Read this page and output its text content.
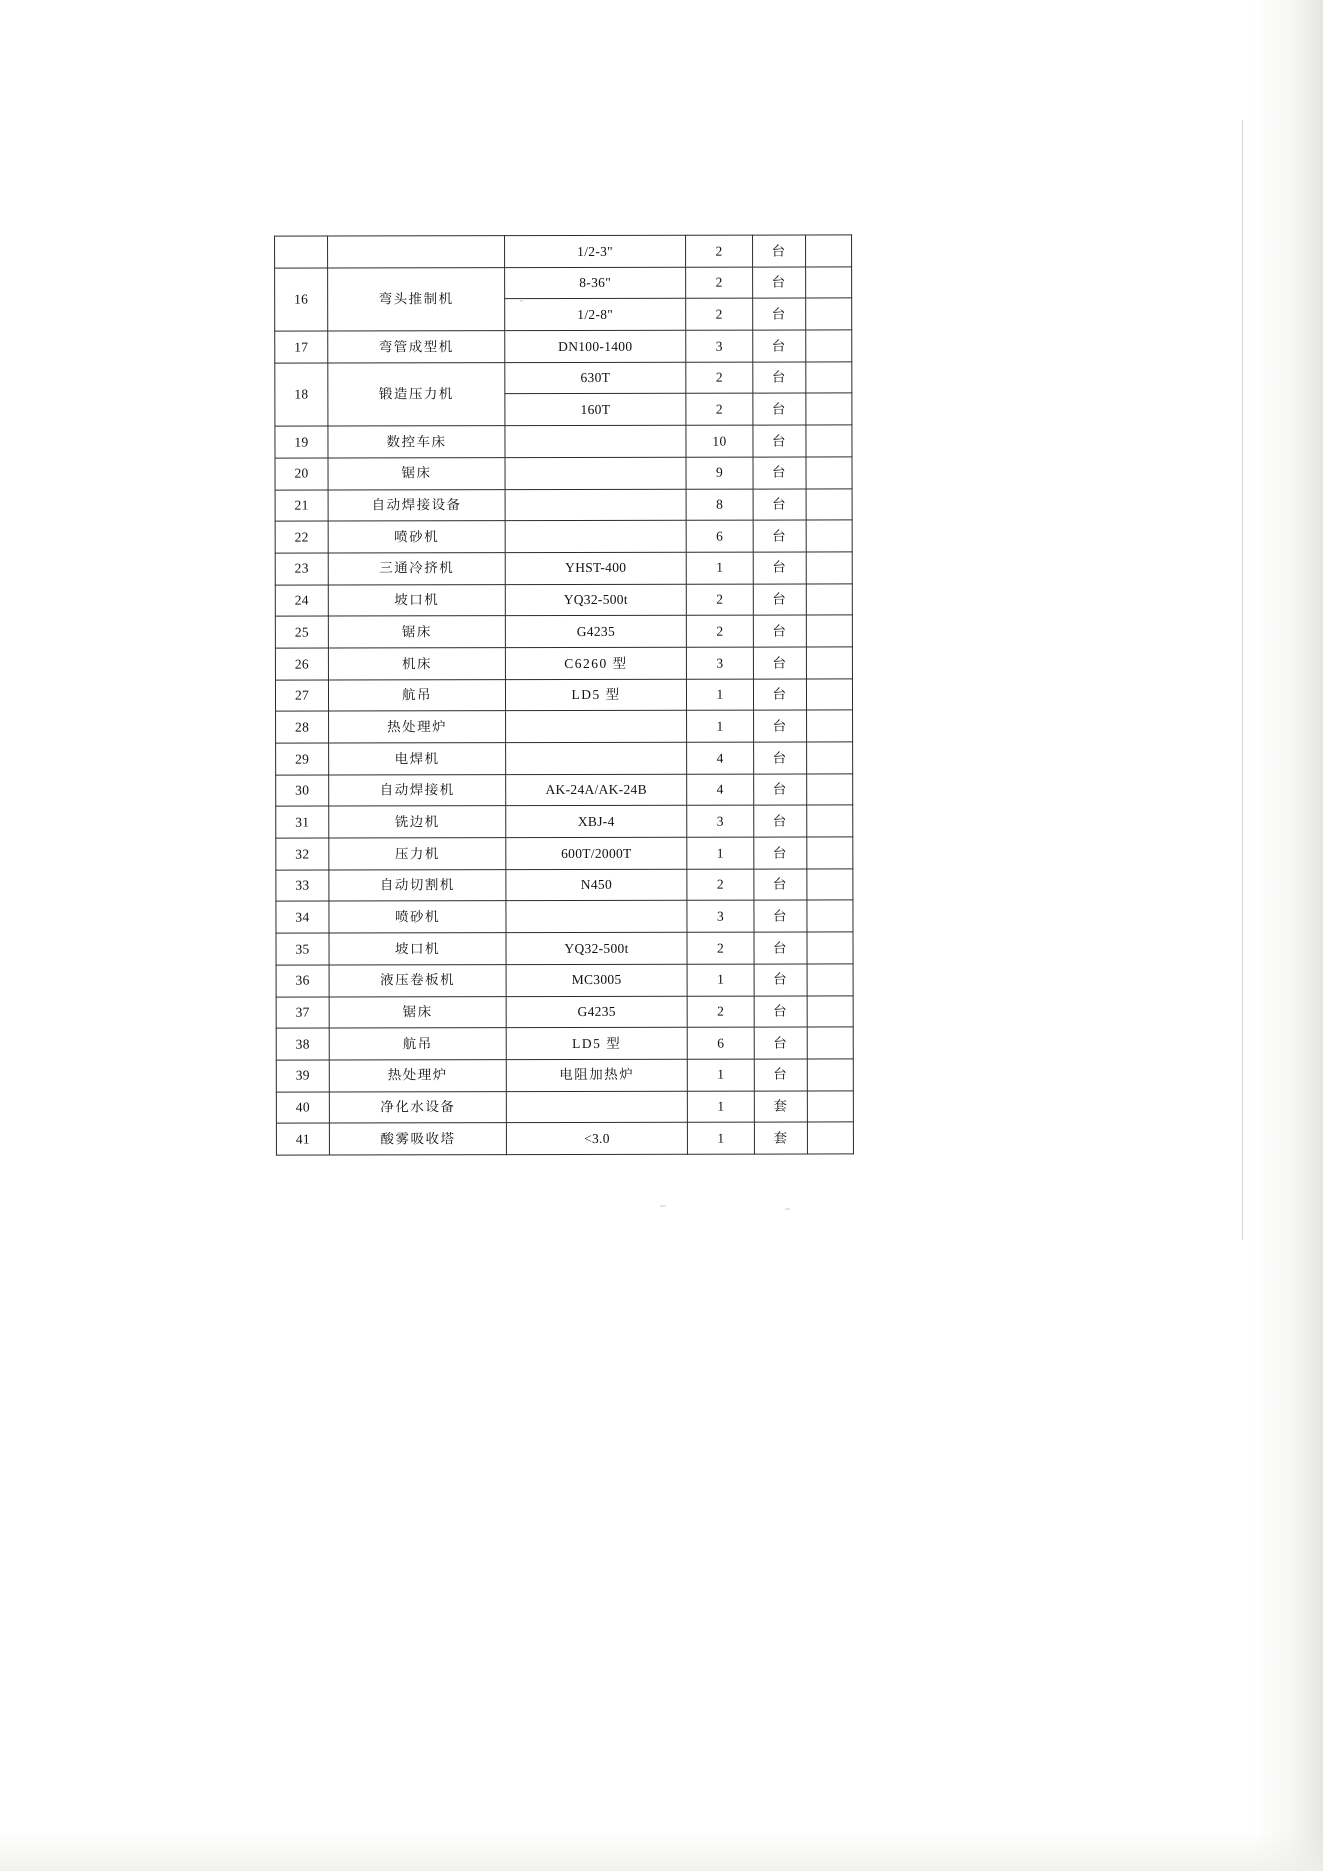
		1/2-3"	2	台	
16	弯头推制机	8-36"	2	台	
		1/2-8"	2	台	
17	弯管成型机	DN100-1400	3	台	
18	锻造压力机	630T	2	台	
		160T	2	台	
19	数控车床		10	台	
20	锯床		9	台	
21	自动焊接设备		8	台	
22	喷砂机		6	台	
23	三通冷挤机	YHST-400	1	台	
24	坡口机	YQ32-500t	2	台	
25	锯床	G4235	2	台	
26	机床	C6260 型	3	台	
27	航吊	LD5 型	1	台	
28	热处理炉		1	台	
29	电焊机		4	台	
30	自动焊接机	AK-24A/AK-24B	4	台	
31	铣边机	XBJ-4	3	台	
32	压力机	600T/2000T	1	台	
33	自动切割机	N450	2	台	
34	喷砂机		3	台	
35	坡口机	YQ32-500t	2	台	
36	液压卷板机	MC3005	1	台	
37	锯床	G4235	2	台	
38	航吊	LD5 型	6	台	
39	热处理炉	电阻加热炉	1	台	
40	净化水设备		1	套	
41	酸雾吸收塔	<3.0	1	套	
